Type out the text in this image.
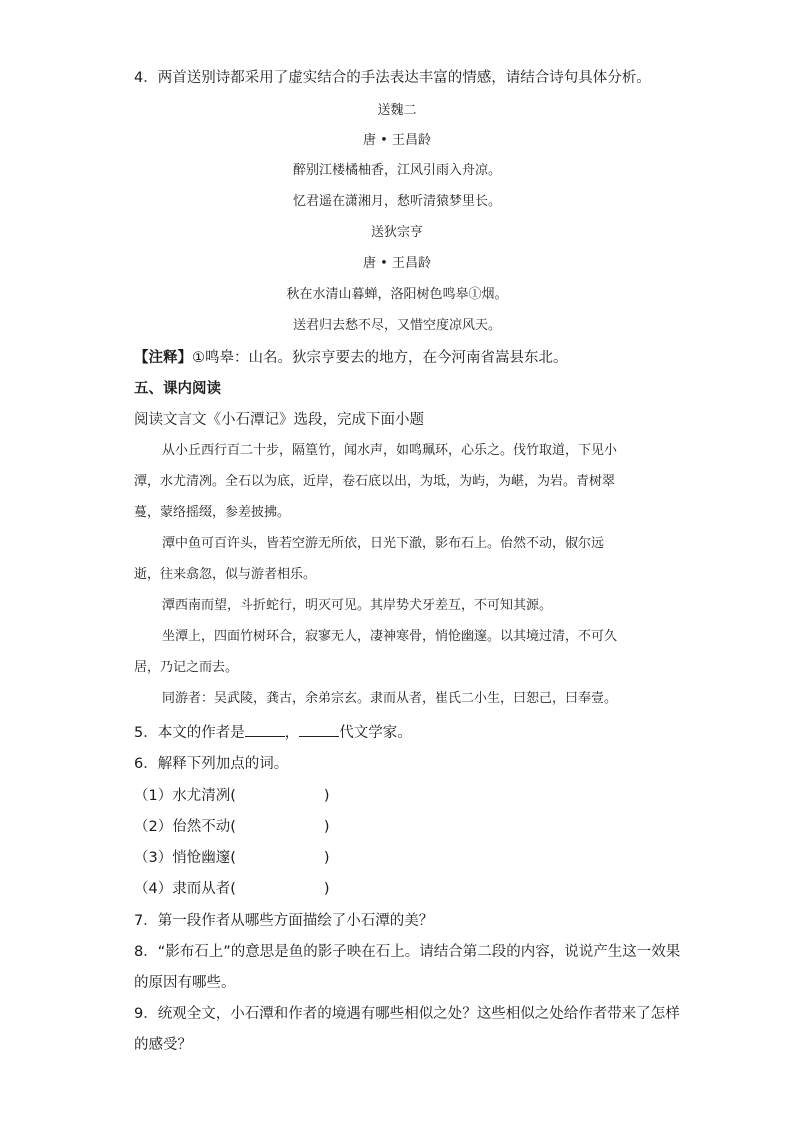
4．两首送别诗都采用了虚实结合的手法表达丰富的情感，请结合诗句具体分析。
送魏二
唐 • 王昌龄
醉别江楼橘柚香，江风引雨入舟凉。
忆君遥在潇湘月，愁听清猿梦里长。
送狄宗亨
唐 • 王昌龄
秋在水清山暮蝉，洛阳树色鸣皋①烟。
送君归去愁不尽，又惜空度凉风天。
【注释】①鸣皋：山名。狄宗亨要去的地方，在今河南省嵩县东北。
五、课内阅读
阅读文言文《小石潭记》选段，完成下面小题
从小丘西行百二十步，隔篁竹，闻水声，如鸣珮环，心乐之。伐竹取道，下见小
潭，水尤清冽。全石以为底，近岸，卷石底以出，为坻，为屿，为嵁，为岩。青树翠
蔓，蒙络摇缀，参差披拂。
潭中鱼可百许头，皆若空游无所依，日光下澈，影布石上。佁然不动，俶尔远
逝，往来翕忽，似与游者相乐。
潭西南而望，斗折蛇行，明灭可见。其岸势犬牙差互，不可知其源。
坐潭上，四面竹树环合，寂寥无人，凄神寒骨，悄怆幽邃。以其境过清，不可久
居，乃记之而去。
同游者：吴武陵，龚古，余弟宗玄。隶而从者，崔氏二小生，曰恕己，曰奉壹。
5．本文的作者是	，	代文学家。
6．解释下列加点的词。
（1）水尤清冽(	)
（2）佁然不动(	)
（3）悄怆幽邃(	)
（4）隶而从者(	)
7．第一段作者从哪些方面描绘了小石潭的美？
8．“影布石上”的意思是鱼的影子映在石上。请结合第二段的内容，说说产生这一效果
的原因有哪些。
9．统观全文，小石潭和作者的境遇有哪些相似之处？这些相似之处给作者带来了怎样
的感受？
